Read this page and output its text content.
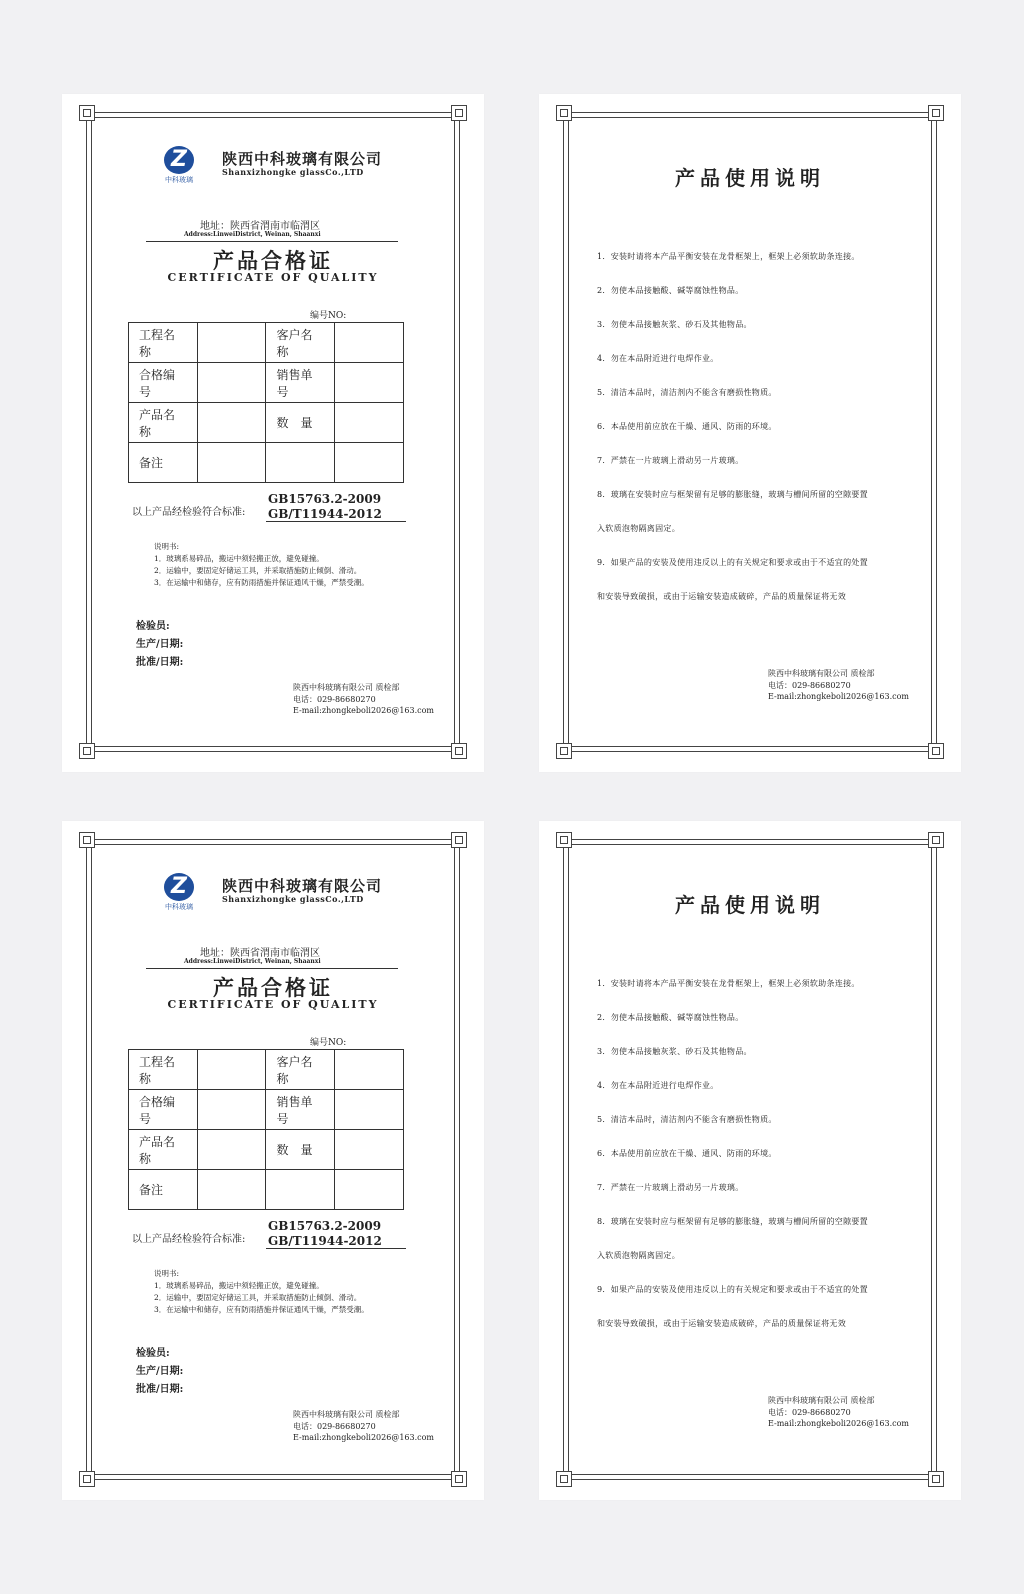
Z
中科玻璃
陕西中科玻璃有限公司
Shanxizhongke glassCo.,LTD
地址：陕西省渭南市临渭区
Address:LinweiDistrict, Weinan, Shaanxi
产品合格证
CERTIFICATE OF QUALITY
编号NO:
工程名称		客户名称	
合格编号		销售单号	
产品名称		数　量	
备注			
以上产品经检验符合标准:
GB15763.2-2009
GB/T11944-2012
说明书:
1．玻璃系易碎品，搬运中须轻搬正放，避免碰撞。
2．运输中，要固定好储运工具，并采取措施防止倾倒、滑动。
3．在运输中和储存，应有防雨措施并保证通风干燥，严禁受潮。
检验员:
生产/日期:
批准/日期:
陕西中科玻璃有限公司 质检部
电话：029-86680270
E-mail:zhongkeboli2026@163.com
产品使用说明
1．安装时请将本产品平衡安装在龙骨框架上，框架上必须软助条连接。
2．勿使本品接触酸、碱等腐蚀性物品。
3．勿使本品接触灰浆、砂石及其他物品。
4．勿在本品附近进行电焊作业。
5．清洁本品时，清洁剂内不能含有磨损性物质。
6．本品使用前应放在干燥、通风、防雨的环境。
7．严禁在一片玻璃上滑动另一片玻璃。
8．玻璃在安装时应与框架留有足够的膨胀缝，玻璃与槽间所留的空隙要置
入软质泡物隔离固定。
9．如果产品的安装及使用违反以上的有关规定和要求或由于不适宜的处置
和安装导致破损，或由于运输安装造成破碎，产品的质量保证将无效
陕西中科玻璃有限公司 质检部
电话：029-86680270
E-mail:zhongkeboli2026@163.com
Z
中科玻璃
陕西中科玻璃有限公司
Shanxizhongke glassCo.,LTD
地址：陕西省渭南市临渭区
Address:LinweiDistrict, Weinan, Shaanxi
产品合格证
CERTIFICATE OF QUALITY
编号NO:
工程名称		客户名称	
合格编号		销售单号	
产品名称		数　量	
备注			
以上产品经检验符合标准:
GB15763.2-2009
GB/T11944-2012
说明书:
1．玻璃系易碎品，搬运中须轻搬正放，避免碰撞。
2．运输中，要固定好储运工具，并采取措施防止倾倒、滑动。
3．在运输中和储存，应有防雨措施并保证通风干燥，严禁受潮。
检验员:
生产/日期:
批准/日期:
陕西中科玻璃有限公司 质检部
电话：029-86680270
E-mail:zhongkeboli2026@163.com
产品使用说明
1．安装时请将本产品平衡安装在龙骨框架上，框架上必须软助条连接。
2．勿使本品接触酸、碱等腐蚀性物品。
3．勿使本品接触灰浆、砂石及其他物品。
4．勿在本品附近进行电焊作业。
5．清洁本品时，清洁剂内不能含有磨损性物质。
6．本品使用前应放在干燥、通风、防雨的环境。
7．严禁在一片玻璃上滑动另一片玻璃。
8．玻璃在安装时应与框架留有足够的膨胀缝，玻璃与槽间所留的空隙要置
入软质泡物隔离固定。
9．如果产品的安装及使用违反以上的有关规定和要求或由于不适宜的处置
和安装导致破损，或由于运输安装造成破碎，产品的质量保证将无效
陕西中科玻璃有限公司 质检部
电话：029-86680270
E-mail:zhongkeboli2026@163.com
